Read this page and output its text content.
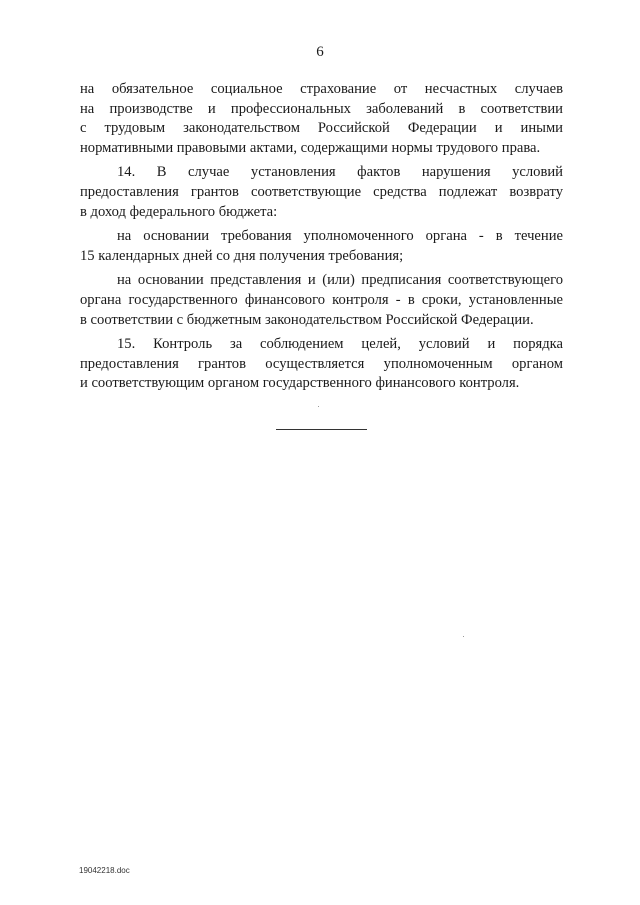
6
на обязательное социальное страхование от несчастных случаев
на производстве и профессиональных заболеваний в соответствии
с трудовым законодательством Российской Федерации и иными
нормативными правовыми актами, содержащими нормы трудового права.
14. В случае установления фактов нарушения условий
предоставления грантов соответствующие средства подлежат возврату
в доход федерального бюджета:
на основании требования уполномоченного органа - в течение
15 календарных дней со дня получения требования;
на основании представления и (или) предписания соответствующего
органа государственного финансового контроля - в сроки, установленные
в соответствии с бюджетным законодательством Российской Федерации.
15. Контроль за соблюдением целей, условий и порядка
предоставления грантов осуществляется уполномоченным органом
и соответствующим органом государственного финансового контроля.
19042218.doc
